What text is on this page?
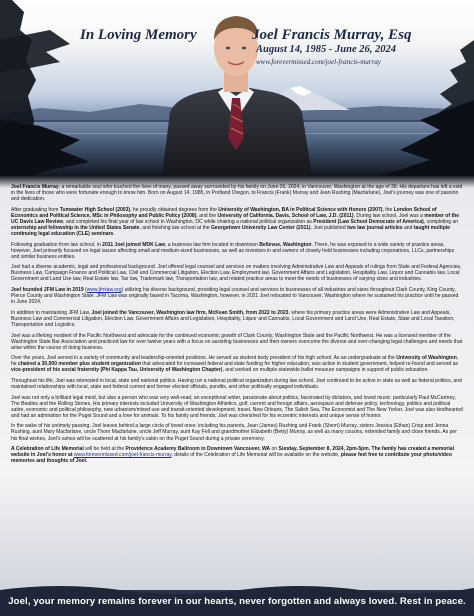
In Loving Memory	Joel Francis Murray, Esq
August 14, 1985 - June 26, 2024
www.forevermissed.com/joel-francis-murray

Joel Francis Murray, a remarkable soul who touched the lives of many, passed away surrounded by his family on June 26, 2024, in Vancouver, Washington at the age of 38. His departure has left a void in the lives of those who were fortunate enough to know him. Born on August 14, 1985, in Portland Oregon, to Francis (Frank) Murray and Jean Rushing (Macfarlane), Joel's journey was one of passion and dedication.

After graduating from Tumwater High School (2003), he proudly obtained degrees from the University of Washington, BA in Political Science with Honors (2007), the London School of Economics and Political Science, MSc in Philosophy and Public Policy (2008), and the University of California, Davis, School of Law, J.D. (2011). During law school, Joel was a member of the UC Davis Law Review, and completed his final year of law school in Washington, DC while chairing a national political organization as President (Law School Democrats of America), completing an externship and fellowship in the United States Senate, and finishing law school at the Georgetown University Law Center (2011). Joel published two law journal articles and taught multiple continuing legal education (CLE) seminars.

Following graduation from law school, in 2011 Joel joined MDK Law, a business law firm located in downtown Bellevue, Washington. There, he was exposed to a wide variety of practice areas, however, Joel primarily focused on legal issues affecting small and medium-sized businesses, as well as investors in and owners of closely held businesses including corporations, LLCs, partnerships and similar business entities.

Joel had a diverse academic, legal and professional background. Joel offered legal counsel and services on matters involving Administrative Law and Appeals of rulings from State and Federal Agencies, Business Law, Campaign Finance and Political Law, Civil and Commercial Litigation, Election Law, Employment law, Government Affairs and Legislation, Hospitality Law, Liquor and Cannabis law, Local Government and Land Use law, Real Estate law, Tax law, Trademark law, Transportation law, and related practice areas to meet the needs of businesses of varying sizes and industries.

Joel founded JFM Law in 2019 (www.jfmlaw.org) utilizing his diverse background, providing legal counsel and services to businesses of all industries and sizes throughout Clark County, King County, Pierce County and Washington State. JFM Law was originally based in Tacoma, Washington, however, in 2021 Joel relocated to Vancouver, Washington where he sustained his practice until he passed in June 2024.

In addition to maintaining JFM Law, Joel joined the Vancouver, Washington law firm, McKean Smith, from 2022 to 2023, where his primary practice areas were Administrative Law and Appeals, Business Law and Commercial Litigation, Election Law, Government Affairs and Legislation, Hospitality, Liquor and Cannabis, Local Government and Land Use, Real Estate, State and Local Taxation, Transportation and Logistics.

Joel was a lifelong resident of the Pacific Northwest and advocate for the continued economic growth of Clark County, Washington State and the Pacific Northwest. He was a licensed member of the Washington State Bar Association and practiced law for over twelve years with a focus on assisting businesses and their owners overcome the diverse and ever-changing legal challenges and needs that arise within the course of doing business.

Over the years, Joel served in a variety of community and leadership-oriented positions. He served as student body president of his high school. As an undergraduate at the University of Washington, he chaired a 30,000 member plus student organization that advocated for increased federal and state funding for higher education, was active in student government, helped re-found and served as vice-president of his social fraternity (Phi Kappa Tau, University of Washington Chapter), and worked on multiple statewide ballot measure campaigns in support of public education.

Throughout his life, Joel was interested in local, state and national politics. Having run a national political organization during law school, Joel continued to be active in state as well as federal politics, and maintained relationships with local, state and federal current and former elected officials, pundits, and other politically engaged individuals.

Joel was not only a brilliant legal mind, but also a person who was very well-read, an exceptional writer, passionate about politics, fascinated by dictators, and loved music: particularly Paul McCartney, The Beatles and the Rolling Stones. His primary interests included University of Washington Athletics, golf, current and foreign affairs, aerospace and defense policy, technology, politics and political satire, economic and political philosophy, new urbanism/mixed use and transit-oriented development, travel, New Orleans, The Salish Sea, The Economist and The New Yorker. Joel was also kindhearted and had an admiration for the Puget Sound and a love for animals. To his family and friends, Joel was cherished for his eccentric interests and unique sense of humor.

In the wake of his untimely passing, Joel leaves behind a large circle of loved ones: including his parents, Jean (James) Rushing and Frank (Sherri) Murray, sisters Jessica (Ethan) Crisp and Jenna Rushing, aunt Mary Macfarlane, uncle Thom Macfarlane, uncle Jeff Murray, aunt Kay Fell and grandmother Elizabeth (Betty) Murray, as well as many cousins, extended family and close friends. As per his final wishes, Joel's ashes will be scattered at his family's cabin on the Puget Sound during a private ceremony.

A Celebration of Life Memorial will be held at the Providence Academy Ballroom in Downtown Vancouver, WA on Sunday, September 8, 2024, 2pm-5pm. The family has created a memorial website in Joel's honor at www.forevermissed.com/joel-francis-murray, details of the Celebration of Life Memorial will be available on the website, please feel free to contribute your photo/video memories and thoughts of Joel.

Joel, your memory remains forever in our hearts, never forgotten and always loved. Rest in peace.
